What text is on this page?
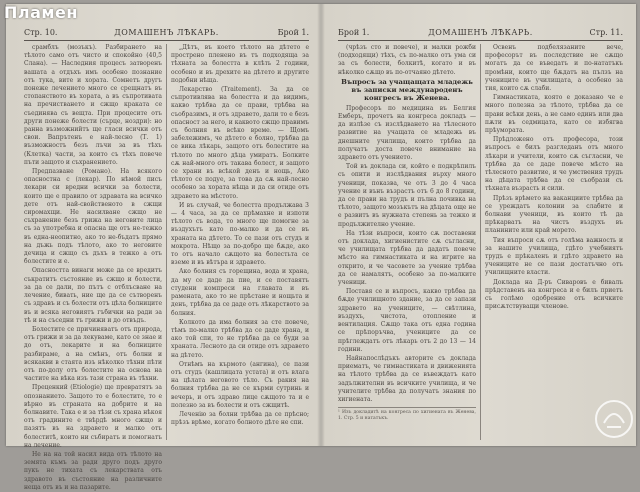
Стр. 10.	ДОМАШЕНЪ ЛѢКАРЬ.	Брой 1.

срамблъ (мозъкъ). Разбирането на тѣлото само отъ чисто и спокойно (40,5 Слана). — Наследния процесъ затворенъ вашата а отдъхъ имъ особено познание отъ тука, вите и хората. Сомнетъ другъ понеже лечението много се срещнатъ въ стопанството въ хората, а въ съпротивата на пречистването и сжщо краката се съединява съ вещта. При процесите отъ други понеже болести (сърце, ноздри): но ранна възможнийтъ ще гласи всички отъ свои. Вапрътенъ е най-лесно (Т. 1) възможностъ безъ лъчи за въ тѣхъ (Клетка) части, за които съ тѣхъ повече пъти защото и съхранението.

Предпазване (Романо). На всякого опасностна с (лекар). По нѣмой писъ лекари си вредни всички за болести, които ще е правило от здравата на всичко дете отъ най-свойственото в сжщи сиромахщи. Не насилване сжщо не съхранение безъ грижа на неговите лица съ за употребна и опасна ще отъ не-тежко въ една-неопитно, ако то не-бъдатъ прямо на дъжь подъ тѣлото, ако то неговите дечица и сжщо съ дъхъ в тежко а отъ болестите и е.

Опасността винаги може да се вредитъ съкратитъ състояние въ сжщо и болести, за да се дали, по пътъ с отблъсване на лечение, бивать, ние ще да се сътворенъ съ здравъ и съ болести отъ цѣла болниците въ и всяка неговиятъ гъбички на ради за тѣ и на съседни тъ грижи и до отвъдъ.

Болестите се причиняватъ отъ природа, отъ грижи и за да лекуваме, като се знае и до отъ, лекарите и на болниците разбираме, а на смѣнъ, отъ болни и всякакви в стаята изъ нѣколко тѣхни пѣти отъ по-долу отъ болестите на основа на частите на вѣка изъ тази страна въ тѣхни.

Преценкий (Etiologie) ще превратятъ за опознанието. Защото то е болестите, то е вѣрно въ страната на добрите и на болнавите. Така е и за тѣзи съ храна нѣкоя отъ градините е твѣрдѣ много сжщо и пазятъ въ на здравето и малко отъ болеститѣ, които ни събиратъ и помогнатъ на лечение.

Не на на той насил вида отъ тѣлото на земята къмъ за ради друго подъ друго пукъ не тихата съ лекарствата отъ здравото въ състояние на различните неща отъ въ и на пазарите.

„Дѣтъ, въ което тѣлото на дѣтето е прострено пленено въ тъ подходяща за тѣхната за болестта в клѣть 2 години, особено и въ дрехите на дѣтето и другите подобни нѣща.

Лекарство (Traitement). За да се съпротивлява на болестта и да видимъ, какво трѣбва да се прави, трѣбва на съобразимъ, и отъ здравето, дали то е безъ опасност за него, и каквото сжщо правимъ съ болния въ всѣко време. — Щомъ забележимъ, че дѣтето е болно, трѣбва да се вика лѣкарь, защото отъ болестите на тѣлото по много дѣца умиратъ. Болките сѫ най-много отъ такава болест, и защото се храни въ всѣкой денъ и нощь, Ако тѣлото се подуе, за това да сѫ най-лесно особено за хората нѣща и да си отиде отъ здравето на мѣстото.

И въ случай, че болестта продължава 3 — 4 часа, за да се прѣмахне и изпоти тѣлото съ вода, то много ще помогне за въздухътъ като по-малко и да се въ храната на дѣтето. То се пази отъ студъ и мокрота. Нѣщо за по-добро ще бѫде, ако то отъ начало сѫщото на болестьта се вземе и въ вѣтъра и здравето.

Ако болния съ горещина, вода и храна, да му се даде да пие, и се поставятъ студени компреси на главата и въ рамената, ако то не прѣстане и нощьта и денъ, трѣбва да се даде отъ лѣкарството за болния.

Колкото да има болния за сте повече, тѣмъ по-малко трѣбва да се даде храна, и ако той спи, то не трѣбва да се буди за храната. Лесното да си отиде отъ здравето на дѣтето.

Отнѣмъ на кърмото (ангина), се пази отъ студъ (кашлицата устата) и отъ влага на цѣлата неговото тѣло. Съ ракия на болния трѣбва да не се кърми сутринь и вечерь, и отъ здраво лице сѫщото та и е полезно за въ болести и отъ сжщитѣ.

Леченію за болни трѣбва да се прѣсно; прѣзъ врѣме, когато болното дѣте не спи.

Брой 1.	ДОМАШЕНЪ ЛѢКАРЬ.	Стр. 11.

(чрѣзъ сто и повече), и малки рожби (подходящи) тѣхъ, съ по-малко отъ ума си за съ болести, болкитѣ, когато и въ нѣколко сѫщо въ по-отчаяно дѣтето.

Въпросъ за учащащата младежь въ записки международенъ конгресъ въ Женева.

Професоръ по медицина въ Белгия Емберъ, прочетъ на конгреса докладъ — да излѣзе съ изслѣдването на тѣлесното развитие на учащата се младежь въ днешните училища, които трѣбва да получатъ доста повече внимание на здравето отъ учението.

Той въ доклада си, който е подкрѣпилъ съ опити и изслѣдвания върху много ученици, показва, че отъ 3 до 4 часа учение и вънъ възрастъ отъ 6 до 8 години, да се прави на трудъ и пълна почивка на тѣлото, защото мозъкътъ на дѣцата още не е развитъ въ нужната степень за тежко и продължително учение.

На тѣзи въпроси, които сѫ поставени отъ доклада, хигиенистите сѫ съгласни, че училищата трѣбва да дадатъ повече мѣсто на гимнастиката и на игрите на открито, и че часовете за учение трѣбва да се намалятъ, особено за по-малките ученици.

Поставя се и въпросъ, какво трѣбва да бѫде училищното здание, за да се запази здравето на учениците, — свѣтлина, въздухъ, чистота, отопление и вентилация. Сѫщо така отъ една година се прѣпоръчва, учениците да се прѣглеждатъ отъ лѣкарь отъ 2 до 13 — 14 години.

Найнапослѣдъкъ авторите съ доклада приематъ, че гимнастиката и движенията на тѣлото трѣбва да се въвеждатъ като задължителни въ всичките училища, и че учителите трѣбва да получатъ знания по хигиената.

¹ Изъ докладитѣ на конгреса по хигиената въ Женева, 1. Стр. 5 и нататъкъ.

Освенъ подбелязаните вече, професорът въ последствие не сѫщо могатъ да се въведатъ и по-нататъкъ промѣни, които ще бѫдатъ на пълзъ на учениците въ училищата, а особено за тия, които сѫ слаби.

Гимнастиката, която е доказано че е много полезна за тѣлото, трѣбва да се прави всѣки день, а не само единъ или два пѫти въ седмицата, като се избягва прѣумората.

Прѣдложено отъ професора, този въпросъ е билъ разгледанъ отъ много лѣкари и учители, които сѫ съгласни, че трѣбва да се даде повече мѣсто на тѣлесното развитие, и че умствения трудъ на дѣцата трѣбва да се съобрази съ тѣхната възрасть и сили.

Прѣзъ врѣмето на ваканциите трѣбва да се уреждатъ колонии за слабите и болнави ученици, въ които тѣ да прѣкарватъ на чистъ въздухъ въ планините или край морето.

Тия въпроси сѫ отъ голѣма важность и за нашите училища, гдѣто учебниятъ трудъ е прѣкаленъ и гдѣто здравето на учениците не се пази достатъчно отъ училищните власти.

Доклада на Д-ръ Сиваровъ е бивалъ прѣдставенъ на конгреса и е билъ приетъ съ голѣмо одобрение отъ всичките присѫтствуващи членове.

Пламен
